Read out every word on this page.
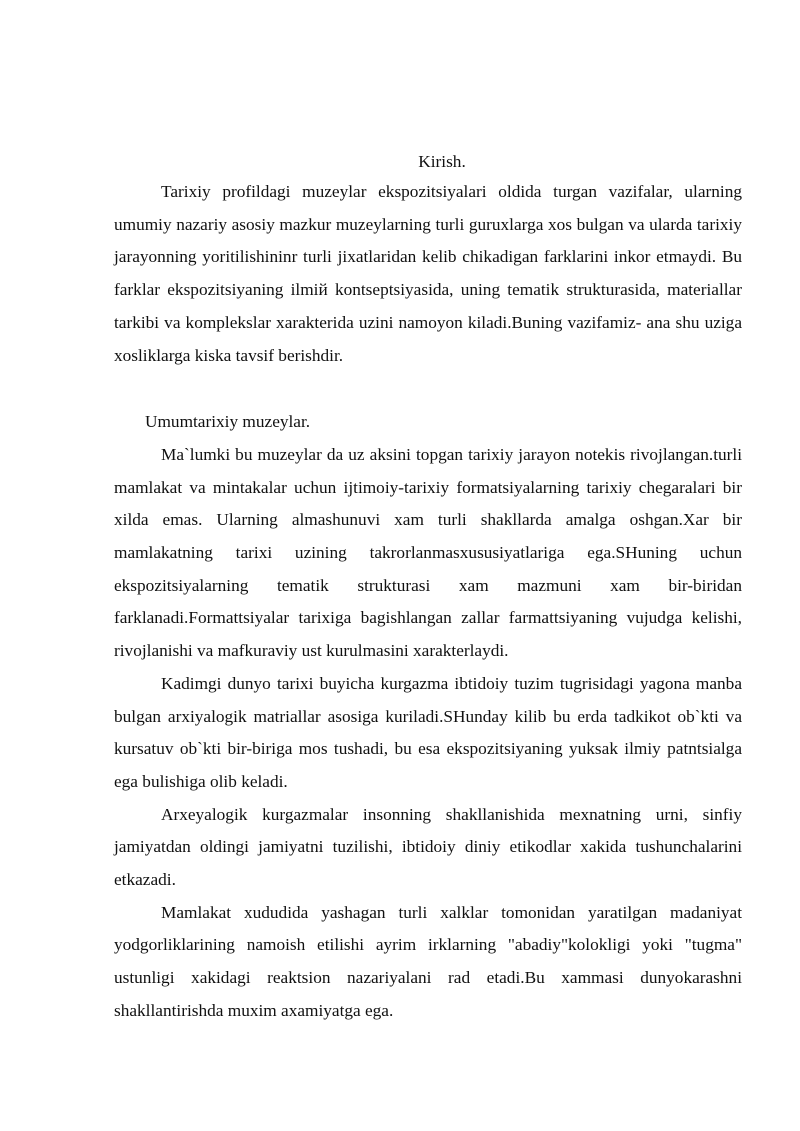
Kirish.

Tarixiy profildagi muzeylar ekspozitsiyalari oldida turgan vazifalar, ularning umumiy nazariy asosiy mazkur muzeylarning turli guruxlarga xos bulgan va ularda tarixiy jarayonning yoritilishininr turli jixatlaridan kelib chikadigan farklarini inkor etmaydi. Bu farklar ekspozitsiyaning ilmiй kontseptsiyasida, uning tematik strukturasida, materiallar tarkibi va komplekslar xarakterida uzini namoyon kiladi.Buning vazifamiz- ana shu uziga xosliklarga kiska tavsif berishdir.

Umumtarixiy muzeylar.

Ma`lumki bu muzeylar da uz aksini topgan tarixiy jarayon notekis rivojlangan.turli mamlakat va mintakalar uchun ijtimoiy-tarixiy formatsiyalarning tarixiy chegaralari bir xilda emas. Ularning almashunuvi xam turli shakllarda amalga oshgan.Xar bir mamlakatning tarixi uzining takrorlanmasxususiyatlariga ega.SHuning uchun ekspozitsiyalarning tematik strukturasi xam mazmuni xam bir-biridan farklanadi.Formattsiyalar tarixiga bagishlangan zallar farmattsiyaning vujudga kelishi, rivojlanishi va mafkuraviy ust kurulmasini xarakterlaydi.

Kadimgi dunyo tarixi buyicha kurgazma ibtidoiy tuzim tugrisidagi yagona manba bulgan arxiyalogik matriallar asosiga kuriladi.SHunday kilib bu erda tadkikot ob`kti va kursatuv ob`kti bir-biriga mos tushadi, bu esa ekspozitsiyaning yuksak ilmiy patntsialga ega bulishiga olib keladi.

Arxeyalogik kurgazmalar insonning shakllanishida mexnatning urni, sinfiy jamiyatdan oldingi jamiyatni tuzilishi, ibtidoiy diniy etikodlar xakida tushunchalarini etkazadi.

Mamlakat xududida yashagan turli xalklar tomonidan yaratilgan madaniyat yodgorliklarining namoish etilishi ayrim irklarning "abadiy"kolokligi yoki "tugma" ustunligi xakidagi reaktsion nazariyalani rad etadi.Bu xammasi dunyokarashni shakllantirishda muxim axamiyatga ega.
